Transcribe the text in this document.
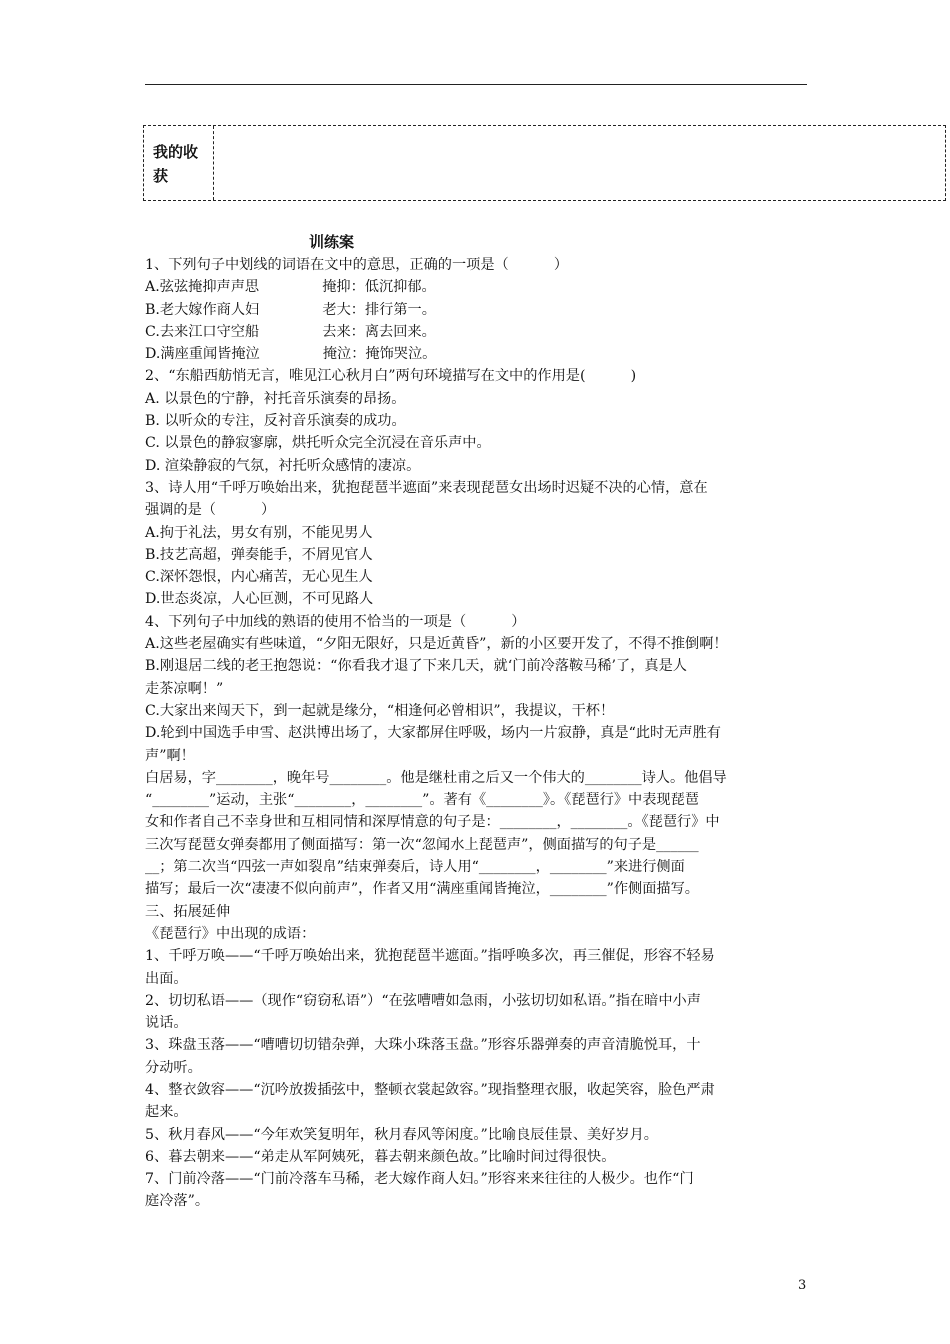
我的收获
训练案

1、下列句子中划线的词语在文中的意思，正确的一项是（          ）

A.弦弦掩抑声声思              掩抑：低沉抑郁。

B.老大嫁作商人妇              老大：排行第一。

C.去来江口守空船              去来：离去回来。

D.满座重闻皆掩泣              掩泣：掩饰哭泣。

2、“东船西舫悄无言，唯见江心秋月白”两句环境描写在文中的作用是(          )

A. 以景色的宁静，衬托音乐演奏的昂扬。

B. 以听众的专注，反衬音乐演奏的成功。

C. 以景色的静寂寥廓，烘托听众完全沉浸在音乐声中。

D. 渲染静寂的气氛，衬托听众感情的凄凉。

3、诗人用“千呼万唤始出来，犹抱琵琶半遮面”来表现琵琶女出场时迟疑不决的心情，意在

强调的是（          ）

A.拘于礼法，男女有别，不能见男人

B.技艺高超，弹奏能手，不屑见官人

C.深怀怨恨，内心痛苦，无心见生人

D.世态炎凉，人心叵测，不可见路人

4、下列句子中加线的熟语的使用不恰当的一项是（          ）

A.这些老屋确实有些味道，“夕阳无限好，只是近黄昏”，新的小区要开发了，不得不推倒啊！

B.刚退居二线的老王抱怨说：“你看我才退了下来几天，就‘门前冷落鞍马稀’了，真是人

走茶凉啊！”

C.大家出来闯天下，到一起就是缘分，“相逢何必曾相识”，我提议，干杯！

D.轮到中国选手申雪、赵洪博出场了，大家都屏住呼吸，场内一片寂静，真是“此时无声胜有

声”啊！

白居易，字________，晚年号________。他是继杜甫之后又一个伟大的________诗人。他倡导

“________”运动，主张“________，________”。著有《________》。《琵琶行》中表现琵琶

女和作者自己不幸身世和互相同情和深厚情意的句子是：________，________。《琵琶行》中

三次写琵琶女弹奏都用了侧面描写：第一次“忽闻水上琵琶声”，侧面描写的句子是______

__；第二次当“四弦一声如裂帛”结束弹奏后，诗人用“________，________”来进行侧面

描写；最后一次“凄凄不似向前声”，作者又用“满座重闻皆掩泣，________”作侧面描写。

三、拓展延伸

《琵琶行》中出现的成语：

1、千呼万唤——“千呼万唤始出来，犹抱琵琶半遮面。”指呼唤多次，再三催促，形容不轻易

出面。

2、切切私语——（现作“窃窃私语”）“在弦嘈嘈如急雨，小弦切切如私语。”指在暗中小声

说话。

3、珠盘玉落——“嘈嘈切切错杂弹，大珠小珠落玉盘。”形容乐器弹奏的声音清脆悦耳，十

分动听。

4、整衣敛容——“沉吟放拨插弦中，整顿衣裳起敛容。”现指整理衣服，收起笑容，脸色严肃

起来。

5、秋月春风——“今年欢笑复明年，秋月春风等闲度。”比喻良辰佳景、美好岁月。

6、暮去朝来——“弟走从军阿姨死，暮去朝来颜色故。”比喻时间过得很快。

7、门前冷落——“门前冷落车马稀，老大嫁作商人妇。”形容来来往往的人极少。也作“门

庭冷落”。

3
